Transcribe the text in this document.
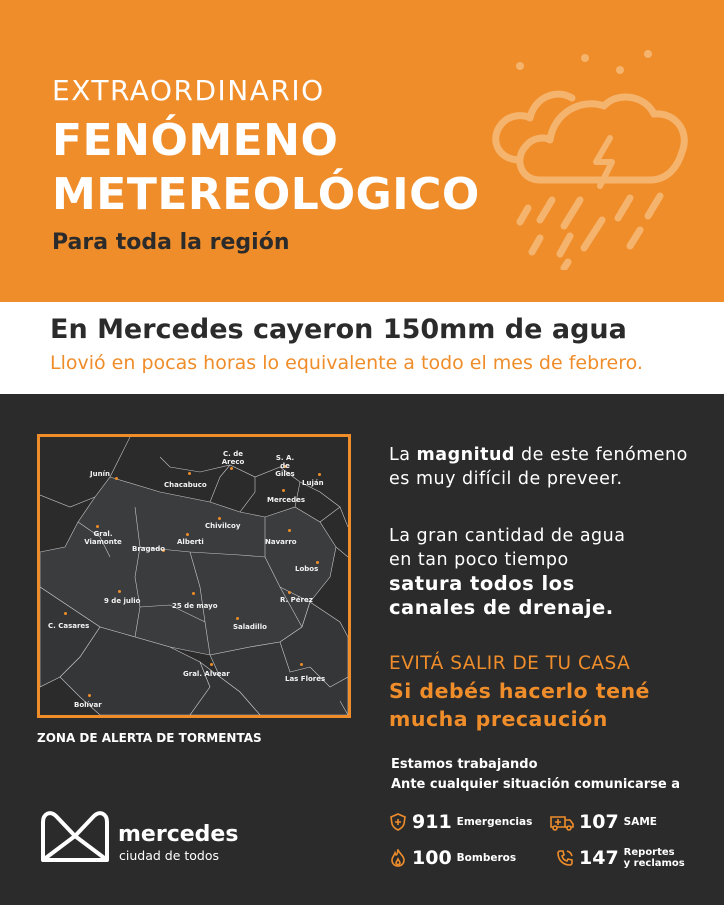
EXTRAORDINARIO
FENÓMENO
METEREOLÓGICO
Para toda la región
En Mercedes cayeron 150mm de agua
Llovió en pocas horas lo equivalente a todo el mes de febrero.
Junín
Chacabuco
C. de Areco	S. A. de Giles
Luján
Mercedes
Chivilcoy
Gral. Viamonte
Bragado
Alberti	Navarro
Lobos
9 de julio
25 de mayo
R. Pérez
C. Casares	Saladillo
Gral. Alvear
Las Flores
Bolívar
ZONA DE ALERTA DE TORMENTAS
La magnitud de este fenómeno
es muy difícil de preveer.
La gran cantidad de agua
en tan poco tiempo
satura todos los
canales de drenaje.
EVITÁ SALIR DE TU CASA
Si debés hacerlo tené
mucha precaución
Estamos trabajando
Ante cualquier situación comunicarse a
911 Emergencias 107 SAME
100 Bomberos	147 Reportes
y reclamos
mercedes
ciudad de todos
